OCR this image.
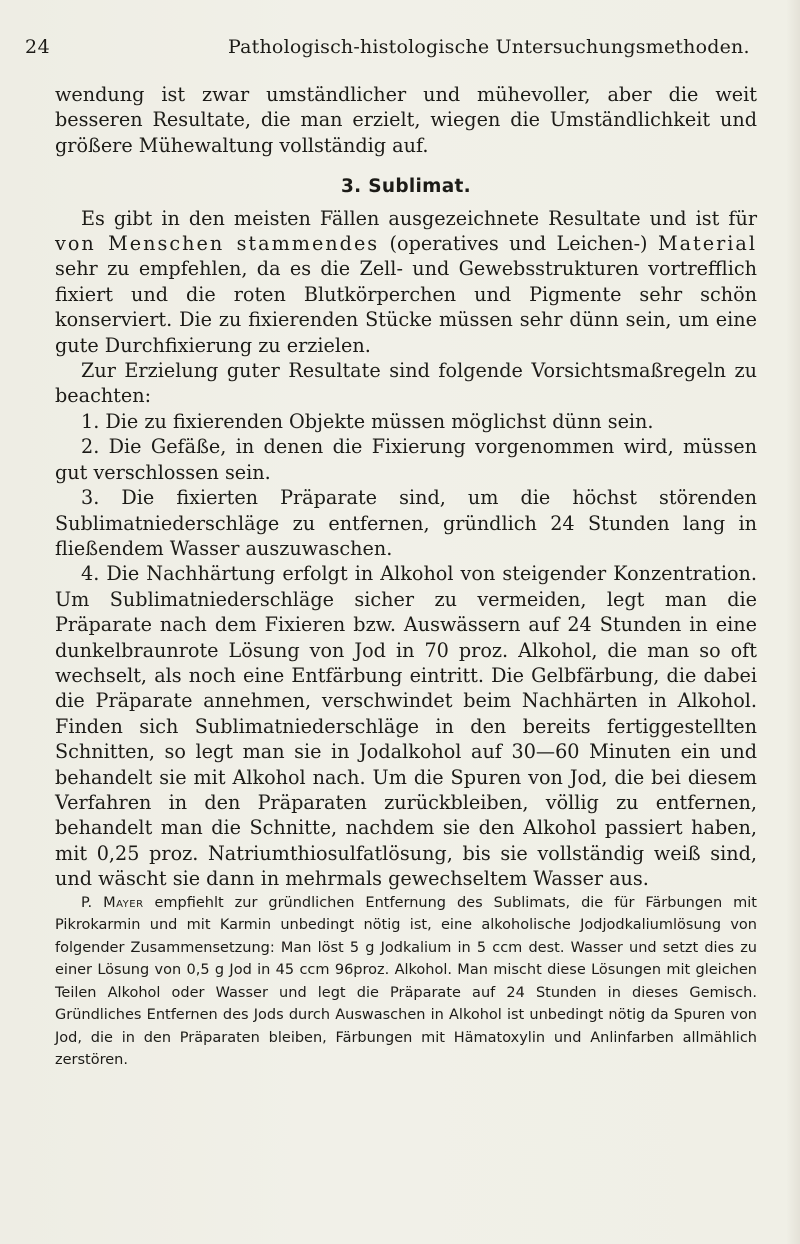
24	Pathologisch-histologische Untersuchungsmethoden.

wendung ist zwar umständlicher und mühevoller, aber die weit besseren Resultate, die man erzielt, wiegen die Umständlichkeit und größere Mühewaltung vollständig auf.

3. Sublimat.

Es gibt in den meisten Fällen ausgezeichnete Resultate und ist für von Menschen stammendes (operatives und Leichen-) Material sehr zu empfehlen, da es die Zell- und Gewebsstrukturen vortrefflich fixiert und die roten Blutkörperchen und Pigmente sehr schön konserviert. Die zu fixierenden Stücke müssen sehr dünn sein, um eine gute Durchfixierung zu erzielen.

Zur Erzielung guter Resultate sind folgende Vorsichtsmaßregeln zu beachten:

1. Die zu fixierenden Objekte müssen möglichst dünn sein.

2. Die Gefäße, in denen die Fixierung vorgenommen wird, müssen gut verschlossen sein.

3. Die fixierten Präparate sind, um die höchst störenden Sublimatniederschläge zu entfernen, gründlich 24 Stunden lang in fließendem Wasser auszuwaschen.

4. Die Nachhärtung erfolgt in Alkohol von steigender Konzentration. Um Sublimatniederschläge sicher zu vermeiden, legt man die Präparate nach dem Fixieren bzw. Auswässern auf 24 Stunden in eine dunkelbraunrote Lösung von Jod in 70 proz. Alkohol, die man so oft wechselt, als noch eine Entfärbung eintritt. Die Gelbfärbung, die dabei die Präparate annehmen, verschwindet beim Nachhärten in Alkohol. Finden sich Sublimatniederschläge in den bereits fertiggestellten Schnitten, so legt man sie in Jodalkohol auf 30—60 Minuten ein und behandelt sie mit Alkohol nach. Um die Spuren von Jod, die bei diesem Verfahren in den Präparaten zurückbleiben, völlig zu entfernen, behandelt man die Schnitte, nachdem sie den Alkohol passiert haben, mit 0,25 proz. Natriumthiosulfatlösung, bis sie vollständig weiß sind, und wäscht sie dann in mehrmals gewechseltem Wasser aus.

P. Mayer empfiehlt zur gründlichen Entfernung des Sublimats, die für Färbungen mit Pikrokarmin und mit Karmin unbedingt nötig ist, eine alkoholische Jodjodkaliumlösung von folgender Zusammensetzung: Man löst 5 g Jodkalium in 5 ccm dest. Wasser und setzt dies zu einer Lösung von 0,5 g Jod in 45 ccm 96proz. Alkohol. Man mischt diese Lösungen mit gleichen Teilen Alkohol oder Wasser und legt die Präparate auf 24 Stunden in dieses Gemisch. Gründliches Entfernen des Jods durch Auswaschen in Alkohol ist unbedingt nötig da Spuren von Jod, die in den Präparaten bleiben, Färbungen mit Hämatoxylin und Anlinfarben allmählich zerstören.
